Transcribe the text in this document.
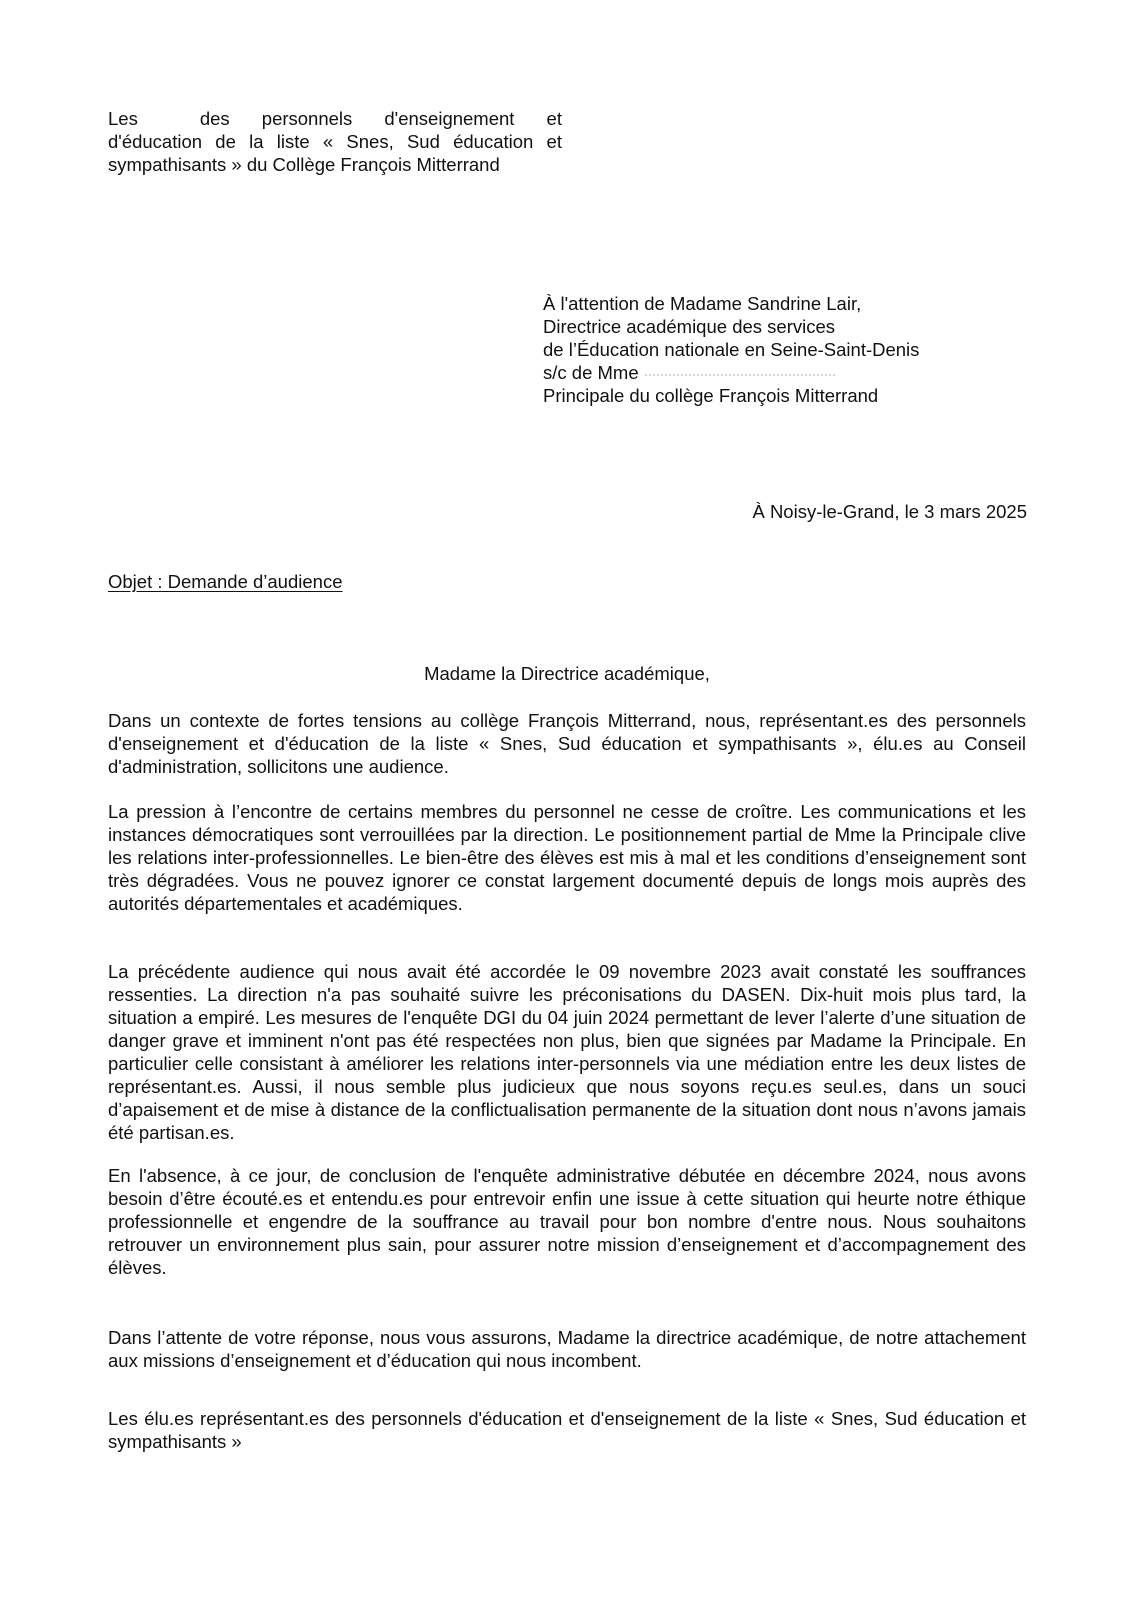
Les	des personnels d'enseignement et d'éducation de la liste « Snes, Sud éducation et sympathisants » du Collège François Mitterrand
À l'attention de Madame Sandrine Lair,
Directrice académique des services
de l’Éducation nationale en Seine-Saint-Denis
s/c de Mme
Principale du collège François Mitterrand
À Noisy-le-Grand, le 3 mars 2025
Objet : Demande d’audience
Madame la Directrice académique,
Dans un contexte de fortes tensions au collège François Mitterrand, nous, représentant.es des personnels d'enseignement et d'éducation de la liste « Snes, Sud éducation et sympathisants », élu.es au Conseil d'administration, sollicitons une audience.
La pression à l’encontre de certains membres du personnel ne cesse de croître. Les communications et les instances démocratiques sont verrouillées par la direction. Le positionnement partial de Mme la Principale clive les relations inter-professionnelles. Le bien-être des élèves est mis à mal et les conditions d’enseignement sont très dégradées. Vous ne pouvez ignorer ce constat largement documenté depuis de longs mois auprès des autorités départementales et académiques.
La précédente audience qui nous avait été accordée le 09 novembre 2023 avait constaté les souffrances ressenties. La direction n'a pas souhaité suivre les préconisations du DASEN. Dix-huit mois plus tard, la situation a empiré. Les mesures de l'enquête DGI du 04 juin 2024 permettant de lever l’alerte d’une situation de danger grave et imminent n'ont pas été respectées non plus, bien que signées par Madame la Principale. En particulier celle consistant à améliorer les relations inter-personnels via une médiation entre les deux listes de représentant.es. Aussi, il nous semble plus judicieux que nous soyons reçu.es seul.es, dans un souci d’apaisement et de mise à distance de la conflictualisation permanente de la situation dont nous n’avons jamais été partisan.es.
En l'absence, à ce jour, de conclusion de l'enquête administrative débutée en décembre 2024, nous avons besoin d’être écouté.es et entendu.es pour entrevoir enfin une issue à cette situation qui heurte notre éthique professionnelle et engendre de la souffrance au travail pour bon nombre d'entre nous. Nous souhaitons retrouver un environnement plus sain, pour assurer notre mission d’enseignement et d’accompagnement des élèves.
Dans l’attente de votre réponse, nous vous assurons, Madame la directrice académique, de notre attachement aux missions d’enseignement et d’éducation qui nous incombent.
Les élu.es représentant.es des personnels d'éducation et d'enseignement de la liste « Snes, Sud éducation et sympathisants »
